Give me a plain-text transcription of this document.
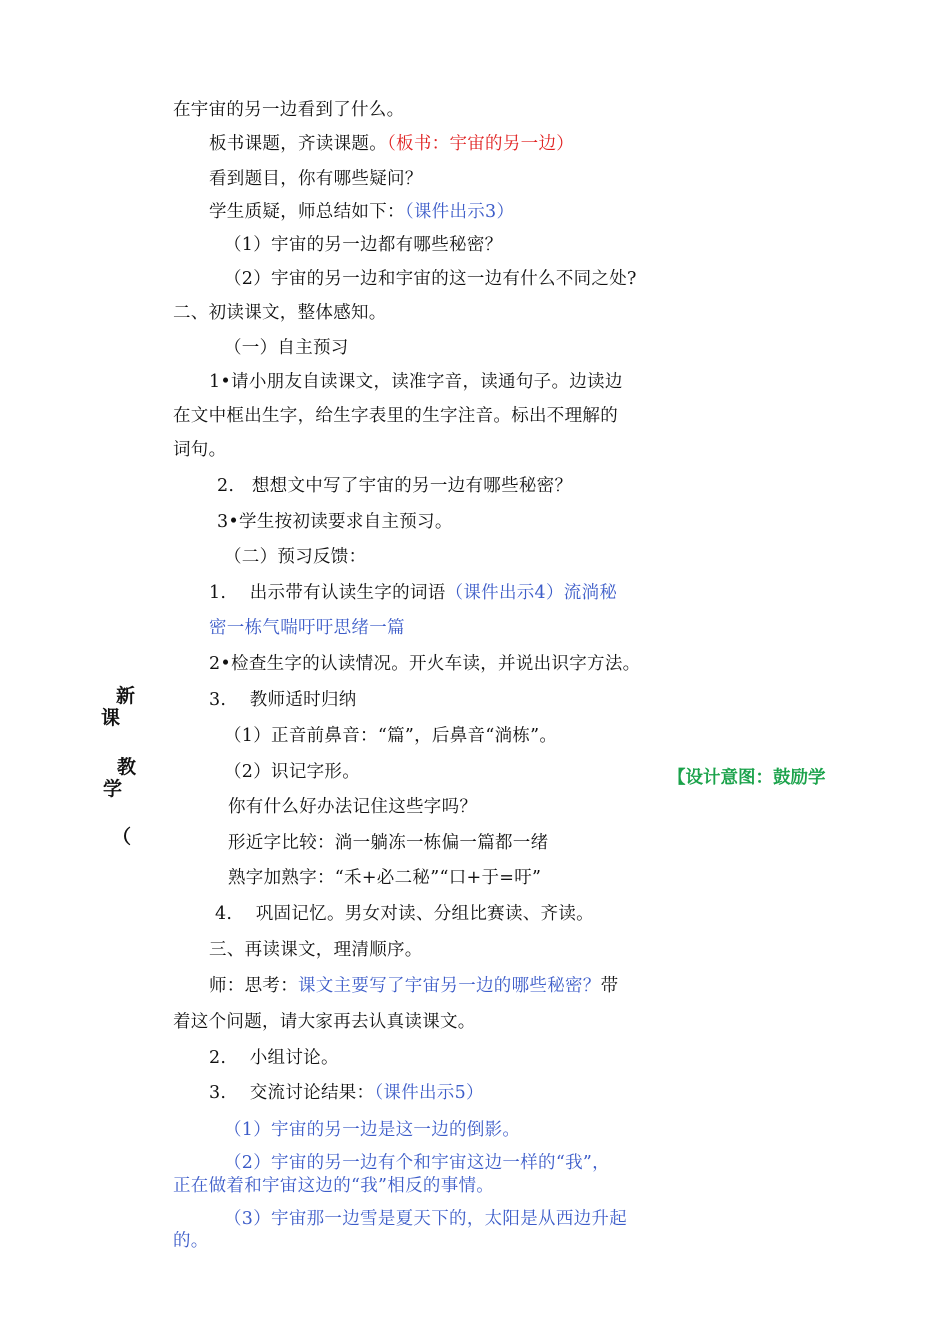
在宇宙的另一边看到了什么。
板书课题，齐读课题。（板书：宇宙的另一边）
看到题目，你有哪些疑问？
学生质疑，师总结如下：（课件出示3）
（1）宇宙的另一边都有哪些秘密？
（2）宇宙的另一边和宇宙的这一边有什么不同之处?
二、初读课文，整体感知。
（一）自主预习
1•请小朋友自读课文，读准字音，读通句子。边读边
在文中框出生字，给生字表里的生字注音。标出不理解的
词句。
2.   想想文中写了宇宙的另一边有哪些秘密？
3•学生按初读要求自主预习。
（二）预习反馈：
1.    出示带有认读生字的词语（课件出示4）流淌秘
密一栋气喘吁吁思绪一篇
2•检查生字的认读情况。开火车读，并说出识字方法。
3.    教师适时归纳
（1）正音前鼻音：“篇”，后鼻音“淌栋”。
（2）识记字形。
你有什么好办法记住这些字吗？
形近字比较：淌一躺冻一栋偏一篇都一绪
熟字加熟字：“禾+必二秘”“口+于=吁”
4.    巩固记忆。男女对读、分组比赛读、齐读。
三、再读课文，理清顺序。
师：思考：课文主要写了宇宙另一边的哪些秘密？带
着这个问题，请大家再去认真读课文。
2.    小组讨论。
3.    交流讨论结果：（课件出示5）
（1）宇宙的另一边是这一边的倒影。
（2）宇宙的另一边有个和宇宙这边一样的“我”，
正在做着和宇宙这边的“我”相反的事情。
（3）宇宙那一边雪是夏天下的，太阳是从西边升起
的。
新
课
教
学
（
【设计意图：鼓励学
